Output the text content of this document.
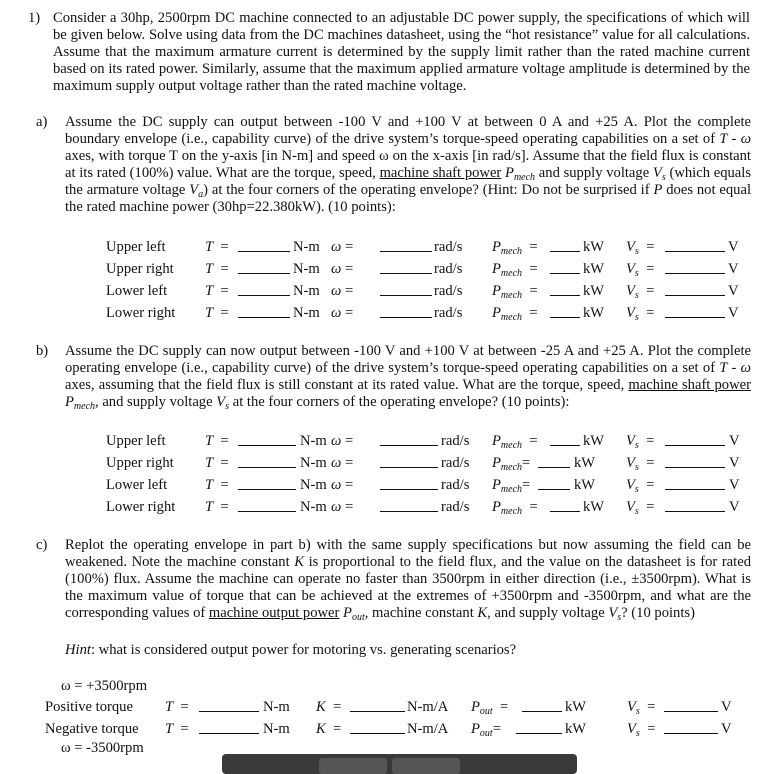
1) Consider a 30hp, 2500rpm DC machine connected to an adjustable DC power supply, the specifications of which will be given below. Solve using data from the DC machines datasheet, using the “hot resistance” value for all calculations. Assume that the maximum armature current is determined by the supply limit rather than the rated machine current based on its rated power. Similarly, assume that the maximum applied armature voltage amplitude is determined by the maximum supply output voltage rather than the rated machine voltage.
a) Assume the DC supply can output between -100 V and +100 V at between 0 A and +25 A. Plot the complete boundary envelope (i.e., capability curve) of the drive system’s torque-speed operating capabilities on a set of T - ω axes, with torque T on the y-axis [in N-m] and speed ω on the x-axis [in rad/s]. Assume that the field flux is constant at its rated (100%) value. What are the torque, speed, machine shaft power $P_{mech}$ and supply voltage $V_s$ (which equals the armature voltage $V_a$) at the four corners of the operating envelope? (Hint: Do not be surprised if P does not equal the rated machine power (30hp=22.380kW). (10 points):
Upper left	T =	N-m ω =	rad/s $P_{mech}$ =	kW $V_s$ =	V
Upper right T =	N-m ω =	rad/s $P_{mech}$ =	kW $V_s$ =	V
Lower left	T =	N-m ω =	rad/s $P_{mech}$ =	kW $V_s$ =	V
Lower right T =	N-m ω =	rad/s $P_{mech}$ =	kW $V_s$ =	V
b) Assume the DC supply can now output between -100 V and +100 V at between -25 A and +25 A. Plot the complete operating envelope (i.e., capability curve) of the drive system’s torque-speed operating capabilities on a set of T - ω axes, assuming that the field flux is still constant at its rated value. What are the torque, speed, machine shaft power $P_{mech}$, and supply voltage $V_s$ at the four corners of the operating envelope? (10 points):
Upper left	T =	N-m ω =	rad/s $P_{mech}$ =	kW $V_s$ =	V
Upper right T =	N-m ω =	rad/s $P_{mech}=$	kW $V_s$ =	V
Lower left	T =	N-m ω =	rad/s $P_{mech}=$	kW $V_s$ =	V
Lower right T =	N-m ω =	rad/s $P_{mech}$ =	kW $V_s$ =	V
c) Replot the operating envelope in part b) with the same supply specifications but now assuming the field can be weakened. Note the machine constant K is proportional to the field flux, and the value on the datasheet is for rated (100%) flux. Assume the machine can operate no faster than 3500rpm in either direction (i.e., ±3500rpm). What is the maximum value of torque that can be achieved at the extremes of +3500rpm and -3500rpm, and what are the corresponding values of machine output power $P_{out}$, machine constant K, and supply voltage $V_s$? (10 points)
Hint: what is considered output power for motoring vs. generating scenarios?
ω = +3500rpm
Positive torque T =	N-m K =	N-m/A $P_{out}$ =	kW	$V_s$ =	V
Negative torque T =	N-m K =	N-m/A $P_{out}=$	kW	$V_s$ =	V
ω = -3500rpm
